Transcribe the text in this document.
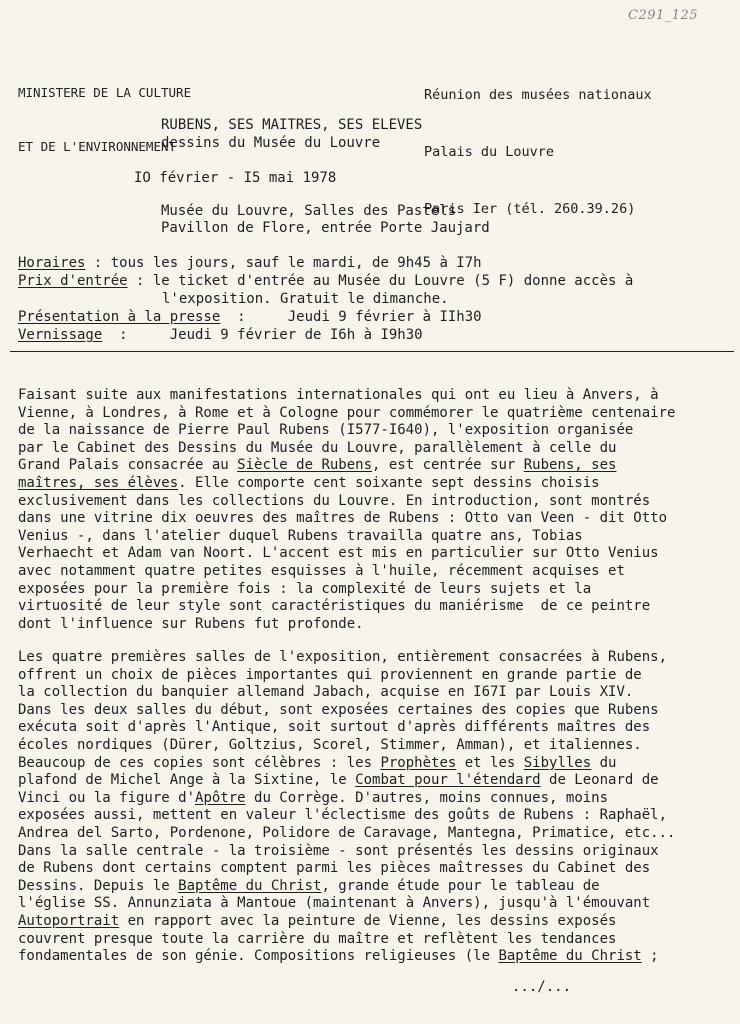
C291_125

MINISTERE DE LA CULTURE

ET DE L'ENVIRONNEMENT

Réunion des musées nationaux

Palais du Louvre

Paris Ier (tél. 260.39.26)

RUBENS, SES MAITRES, SES ELEVES
dessins du Musée du Louvre
IO février - I5 mai 1978
Musée du Louvre, Salles des Pastels
Pavillon de Flore, entrée Porte Jaujard
Horaires : tous les jours, sauf le mardi, de 9h45 à I7h
Prix d'entrée : le ticket d'entrée au Musée du Louvre (5 F) donne accès à
l'exposition. Gratuit le dimanche.
Présentation à la presse  :     Jeudi 9 février à IIh30
Vernissage  :     Jeudi 9 février de I6h à I9h30
Faisant suite aux manifestations internationales qui ont eu lieu à Anvers, à
Vienne, à Londres, à Rome et à Cologne pour commémorer le quatrième centenaire
de la naissance de Pierre Paul Rubens (I577-I640), l'exposition organisée
par le Cabinet des Dessins du Musée du Louvre, parallèlement à celle du
Grand Palais consacrée au Siècle de Rubens, est centrée sur Rubens, ses
maîtres, ses élèves. Elle comporte cent soixante sept dessins choisis
exclusivement dans les collections du Louvre. En introduction, sont montrés
dans une vitrine dix oeuvres des maîtres de Rubens : Otto van Veen - dit Otto
Venius -, dans l'atelier duquel Rubens travailla quatre ans, Tobias
Verhaecht et Adam van Noort. L'accent est mis en particulier sur Otto Venius
avec notamment quatre petites esquisses à l'huile, récemment acquises et
exposées pour la première fois : la complexité de leurs sujets et la
virtuosité de leur style sont caractéristiques du maniérisme  de ce peintre
dont l'influence sur Rubens fut profonde.
Les quatre premières salles de l'exposition, entièrement consacrées à Rubens,
offrent un choix de pièces importantes qui proviennent en grande partie de
la collection du banquier allemand Jabach, acquise en I67I par Louis XIV.
Dans les deux salles du début, sont exposées certaines des copies que Rubens
exécuta soit d'après l'Antique, soit surtout d'après différents maîtres des
écoles nordiques (Dürer, Goltzius, Scorel, Stimmer, Amman), et italiennes.
Beaucoup de ces copies sont célèbres : les Prophètes et les Sibylles du
plafond de Michel Ange à la Sixtine, le Combat pour l'étendard de Leonard de
Vinci ou la figure d'Apôtre du Corrège. D'autres, moins connues, moins
exposées aussi, mettent en valeur l'éclectisme des goûts de Rubens : Raphaël,
Andrea del Sarto, Pordenone, Polidore de Caravage, Mantegna, Primatice, etc...
Dans la salle centrale - la troisième - sont présentés les dessins originaux
de Rubens dont certains comptent parmi les pièces maîtresses du Cabinet des
Dessins. Depuis le Baptême du Christ, grande étude pour le tableau de
l'église SS. Annunziata à Mantoue (maintenant à Anvers), jusqu'à l'émouvant
Autoportrait en rapport avec la peinture de Vienne, les dessins exposés
couvrent presque toute la carrière du maître et reflètent les tendances
fondamentales de son génie. Compositions religieuses (le Baptême du Christ ;
.../...
